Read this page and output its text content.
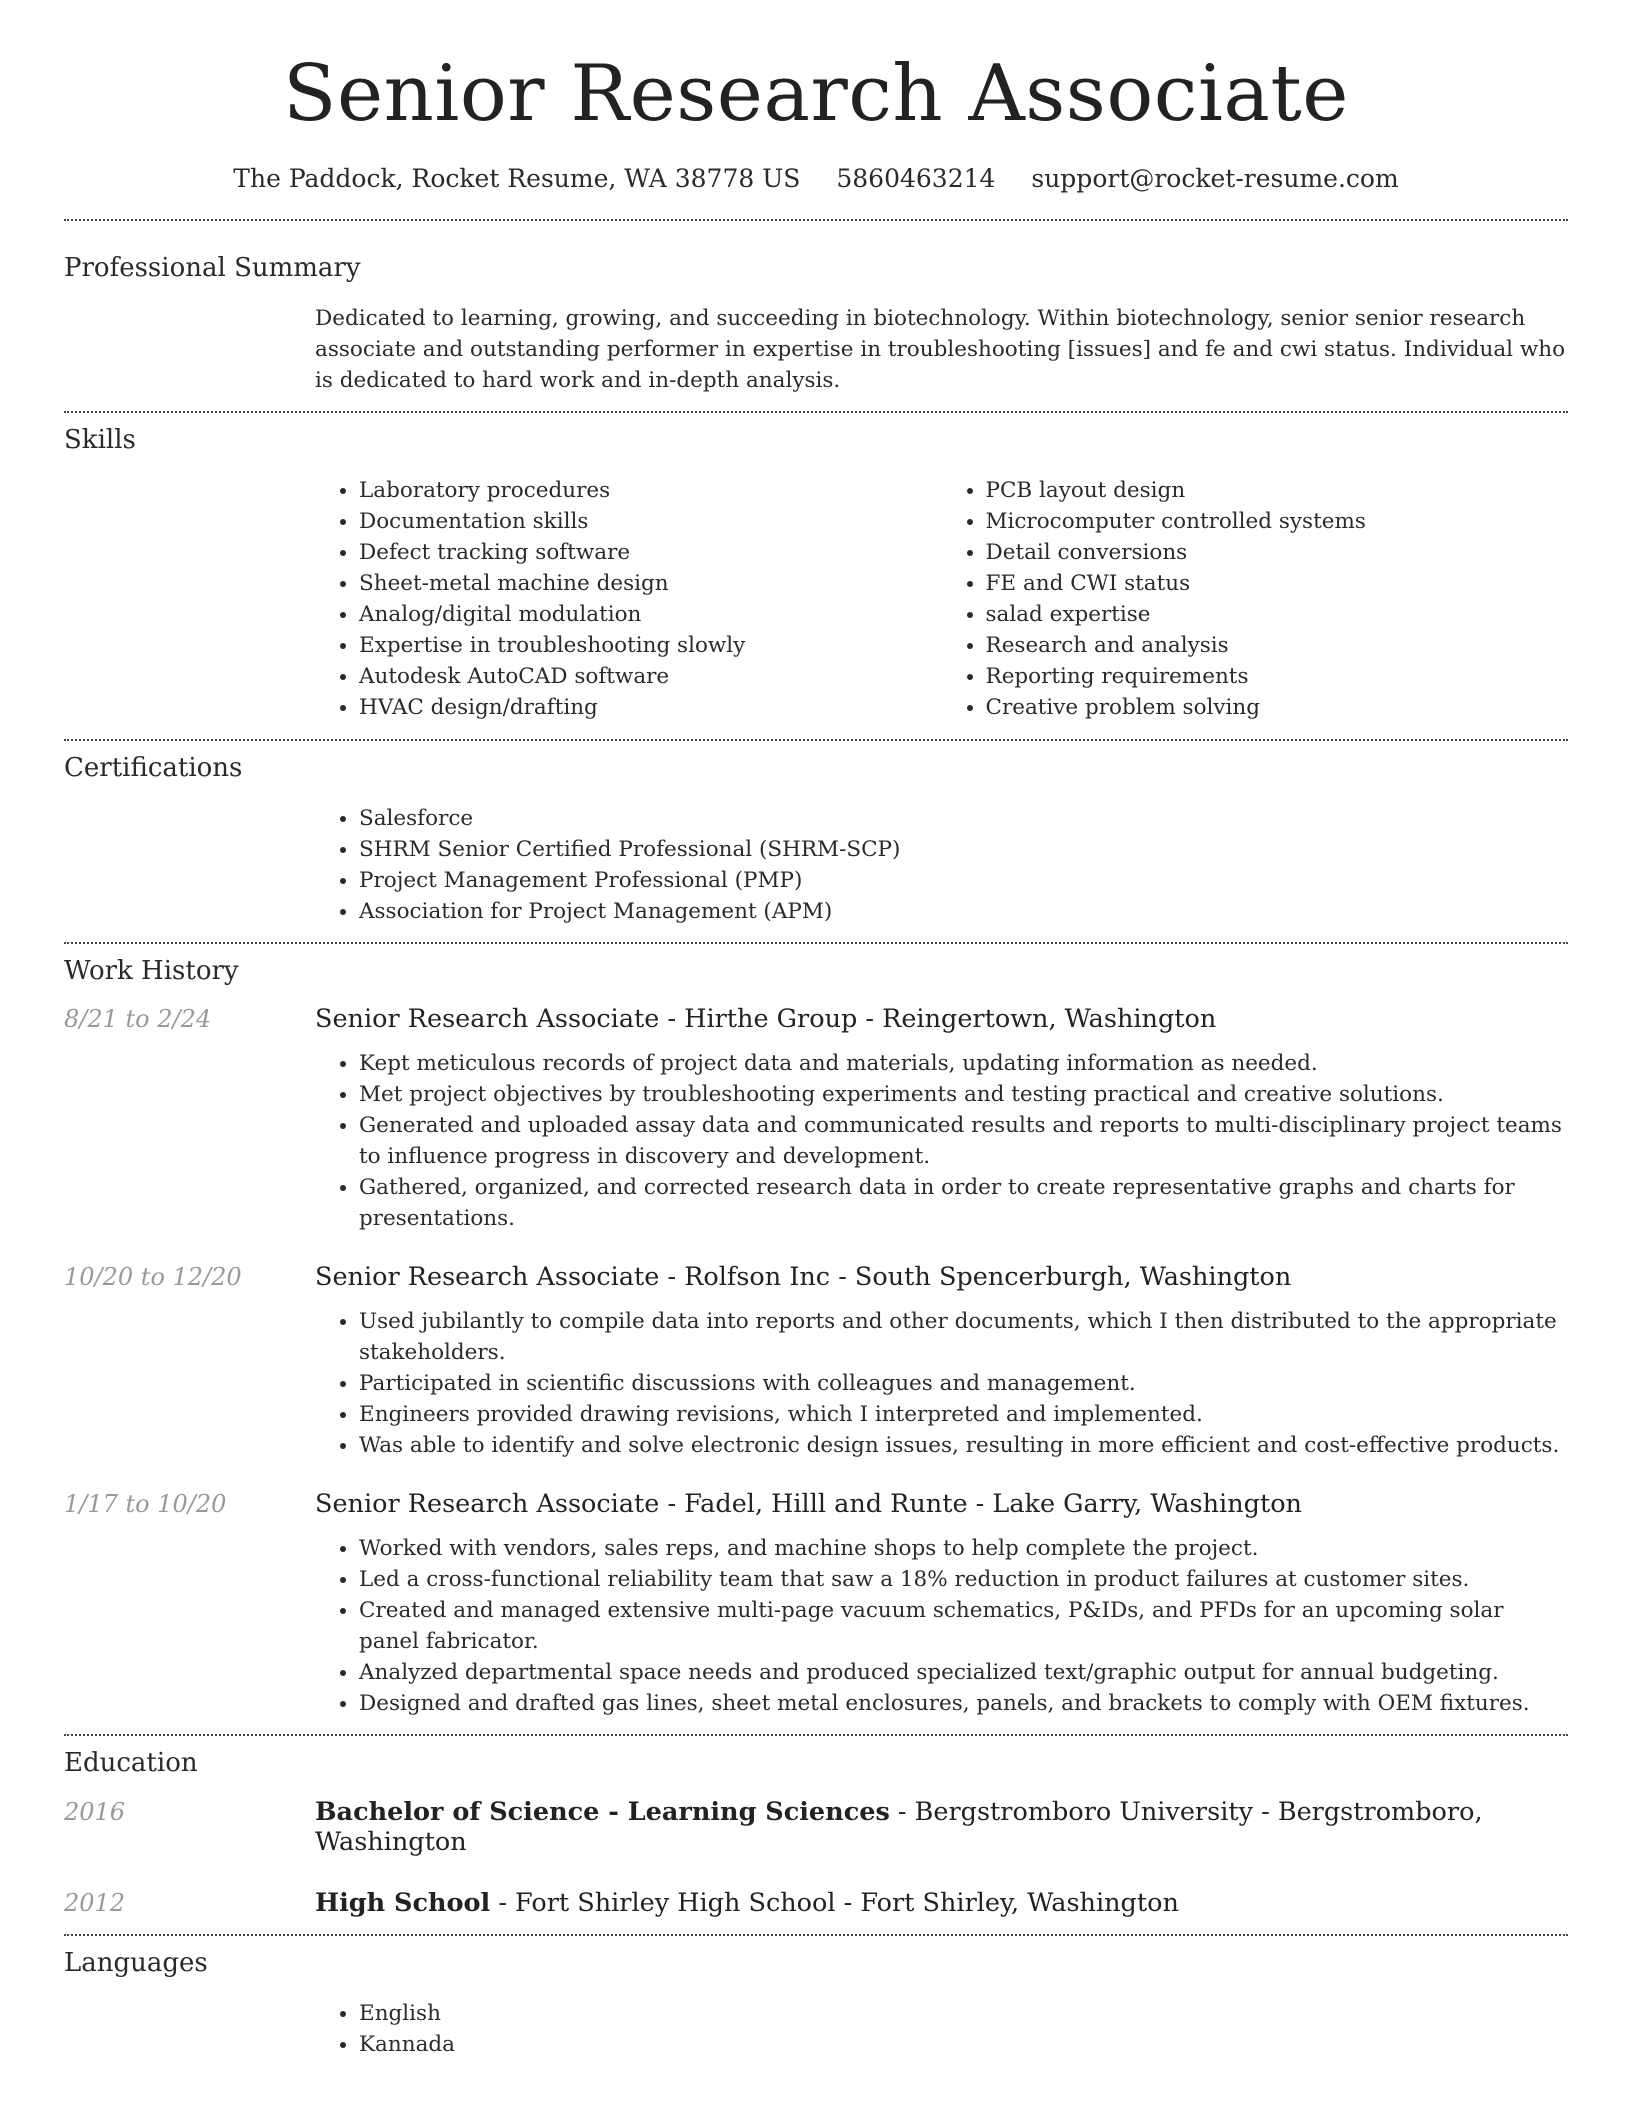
Senior Research Associate
The Paddock, Rocket Resume, WA 38778 US 5860463214 support@rocket-resume.com
Professional Summary
Dedicated to learning, growing, and succeeding in biotechnology. Within biotechnology, senior senior research associate and outstanding performer in expertise in troubleshooting [issues] and fe and cwi status. Individual who is dedicated to hard work and in-depth analysis.
Skills
• Laboratory procedures
• Documentation skills
• Defect tracking software
• Sheet-metal machine design
• Analog/digital modulation
• Expertise in troubleshooting slowly
• Autodesk AutoCAD software
• HVAC design/drafting
• PCB layout design
• Microcomputer controlled systems
• Detail conversions
• FE and CWI status
• salad expertise
• Research and analysis
• Reporting requirements
• Creative problem solving
Certifications
• Salesforce
• SHRM Senior Certified Professional (SHRM-SCP)
• Project Management Professional (PMP)
• Association for Project Management (APM)
Work History
8/21 to 2/24	Senior Research Associate - Hirthe Group - Reingertown, Washington
• Kept meticulous records of project data and materials, updating information as needed.
• Met project objectives by troubleshooting experiments and testing practical and creative solutions.
• Generated and uploaded assay data and communicated results and reports to multi-disciplinary project teams to influence progress in discovery and development.
• Gathered, organized, and corrected research data in order to create representative graphs and charts for presentations.
10/20 to 12/20	Senior Research Associate - Rolfson Inc - South Spencerburgh, Washington
• Used jubilantly to compile data into reports and other documents, which I then distributed to the appropriate stakeholders.
• Participated in scientific discussions with colleagues and management.
• Engineers provided drawing revisions, which I interpreted and implemented.
• Was able to identify and solve electronic design issues, resulting in more efficient and cost-effective products.
1/17 to 10/20	Senior Research Associate - Fadel, Hilll and Runte - Lake Garry, Washington
• Worked with vendors, sales reps, and machine shops to help complete the project.
• Led a cross-functional reliability team that saw a 18% reduction in product failures at customer sites.
• Created and managed extensive multi-page vacuum schematics, P&IDs, and PFDs for an upcoming solar panel fabricator.
• Analyzed departmental space needs and produced specialized text/graphic output for annual budgeting.
• Designed and drafted gas lines, sheet metal enclosures, panels, and brackets to comply with OEM fixtures.
Education
2016	Bachelor of Science - Learning Sciences - Bergstromboro University - Bergstromboro, Washington
2012	High School - Fort Shirley High School - Fort Shirley, Washington
Languages
• English
• Kannada
